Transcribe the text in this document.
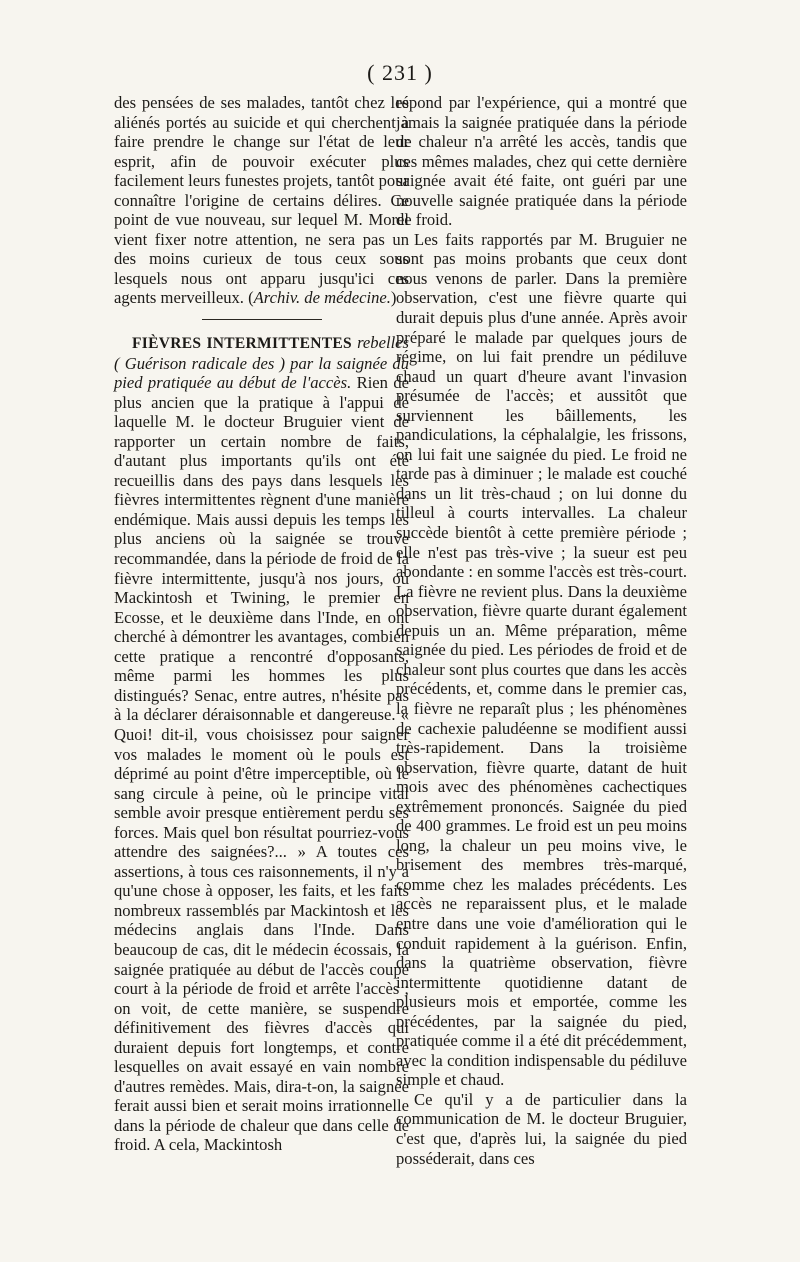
( 231 )

des pensées de ses malades, tantôt chez les aliénés portés au suicide et qui cherchent à faire prendre le change sur l'état de leur esprit, afin de pouvoir exécuter plus facilement leurs funestes projets, tantôt pour connaître l'origine de certains délires. Ce point de vue nouveau, sur lequel M. Morel vient fixer notre attention, ne sera pas un des moins curieux de tous ceux sous lesquels nous ont apparu jusqu'ici ces agents merveilleux. (Archiv. de médecine.)

FIÈVRES INTERMITTENTES rebelles ( Guérison radicale des ) par la saignée du pied pratiquée au début de l'accès. Rien de plus ancien que la pratique à l'appui de laquelle M. le docteur Bruguier vient de rapporter un certain nombre de faits, d'autant plus importants qu'ils ont été recueillis dans des pays dans lesquels les fièvres intermittentes règnent d'une manière endémique. Mais aussi depuis les temps les plus anciens où la saignée se trouve recommandée, dans la période de froid de la fièvre intermittente, jusqu'à nos jours, où Mackintosh et Twining, le premier en Ecosse, et le deuxième dans l'Inde, en ont cherché à démontrer les avantages, combien cette pratique a rencontré d'opposants, même parmi les hommes les plus distingués? Senac, entre autres, n'hésite pas à la déclarer déraisonnable et dangereuse. « Quoi! dit-il, vous choisissez pour saigner vos malades le moment où le pouls est déprimé au point d'être imperceptible, où le sang circule à peine, où le principe vital semble avoir presque entièrement perdu ses forces. Mais quel bon résultat pourriez-vous attendre des saignées?... » A toutes ces assertions, à tous ces raisonnements, il n'y a qu'une chose à opposer, les faits, et les faits nombreux rassemblés par Mackintosh et les médecins anglais dans l'Inde. Dans beaucoup de cas, dit le médecin écossais, la saignée pratiquée au début de l'accès coupe court à la période de froid et arrête l'accès ; on voit, de cette manière, se suspendre définitivement des fièvres d'accès qui duraient depuis fort longtemps, et contre lesquelles on avait essayé en vain nombre d'autres remèdes. Mais, dira-t-on, la saignée ferait aussi bien et serait moins irrationnelle dans la période de chaleur que dans celle de froid. A cela, Mackintosh

répond par l'expérience, qui a montré que jamais la saignée pratiquée dans la période de chaleur n'a arrêté les accès, tandis que ces mêmes malades, chez qui cette dernière saignée avait été faite, ont guéri par une nouvelle saignée pratiquée dans la période de froid.

Les faits rapportés par M. Bruguier ne sont pas moins probants que ceux dont nous venons de parler. Dans la première observation, c'est une fièvre quarte qui durait depuis plus d'une année. Après avoir préparé le malade par quelques jours de régime, on lui fait prendre un pédiluve chaud un quart d'heure avant l'invasion présumée de l'accès; et aussitôt que surviennent les bâillements, les pandiculations, la céphalalgie, les frissons, on lui fait une saignée du pied. Le froid ne tarde pas à diminuer ; le malade est couché dans un lit très-chaud ; on lui donne du tilleul à courts intervalles. La chaleur succède bientôt à cette première période ; elle n'est pas très-vive ; la sueur est peu abondante : en somme l'accès est très-court. La fièvre ne revient plus. Dans la deuxième observation, fièvre quarte durant également depuis un an. Même préparation, même saignée du pied. Les périodes de froid et de chaleur sont plus courtes que dans les accès précédents, et, comme dans le premier cas, la fièvre ne reparaît plus ; les phénomènes de cachexie paludéenne se modifient aussi très-rapidement. Dans la troisième observation, fièvre quarte, datant de huit mois avec des phénomènes cachectiques extrêmement prononcés. Saignée du pied de 400 grammes. Le froid est un peu moins long, la chaleur un peu moins vive, le brisement des membres très-marqué, comme chez les malades précédents. Les accès ne reparaissent plus, et le malade entre dans une voie d'amélioration qui le conduit rapidement à la guérison. Enfin, dans la quatrième observation, fièvre intermittente quotidienne datant de plusieurs mois et emportée, comme les précédentes, par la saignée du pied, pratiquée comme il a été dit précédemment, avec la condition indispensable du pédiluve simple et chaud.

Ce qu'il y a de particulier dans la communication de M. le docteur Bruguier, c'est que, d'après lui, la saignée du pied posséderait, dans ces
